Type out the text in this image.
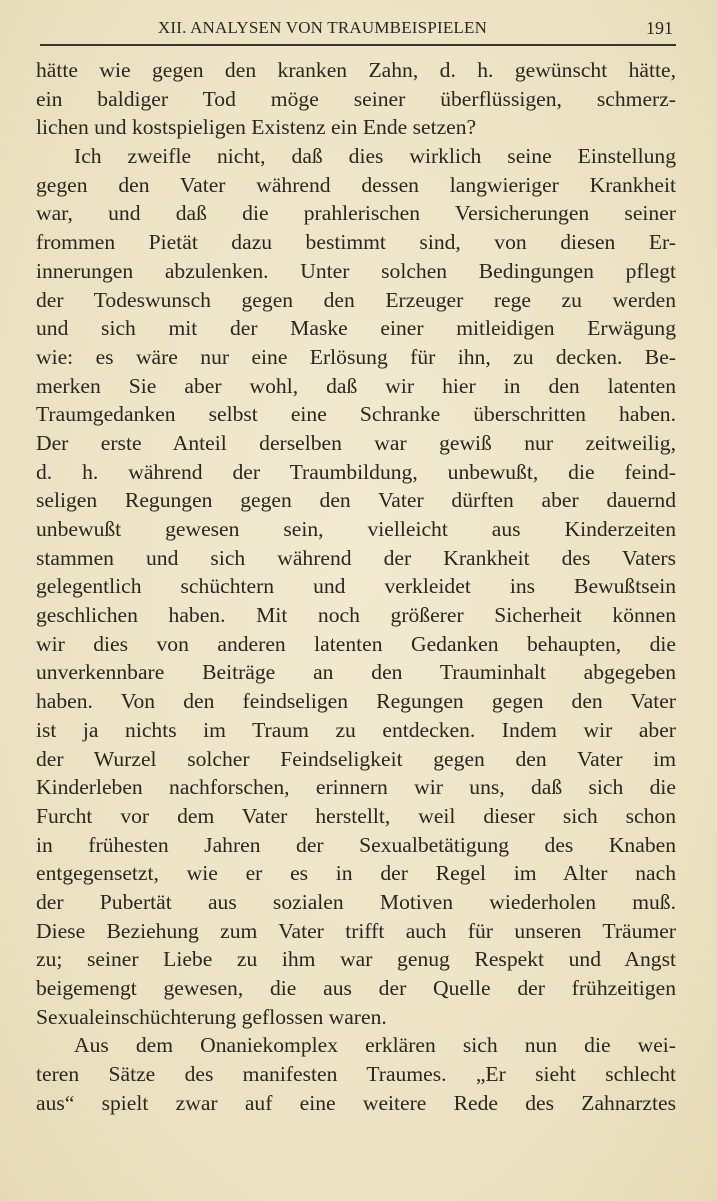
XII. ANALYSEN VON TRAUMBEISPIELEN	191
hätte wie gegen den kranken Zahn, d. h. gewünscht hätte,
ein baldiger Tod möge seiner überflüssigen, schmerz-
lichen und kostspieligen Existenz ein Ende setzen?
Ich zweifle nicht, daß dies wirklich seine Einstellung
gegen den Vater während dessen langwieriger Krankheit
war, und daß die prahlerischen Versicherungen seiner
frommen Pietät dazu bestimmt sind, von diesen Er-
innerungen abzulenken. Unter solchen Bedingungen pflegt
der Todeswunsch gegen den Erzeuger rege zu werden
und sich mit der Maske einer mitleidigen Erwägung
wie: es wäre nur eine Erlösung für ihn, zu decken. Be-
merken Sie aber wohl, daß wir hier in den latenten
Traumgedanken selbst eine Schranke überschritten haben.
Der erste Anteil derselben war gewiß nur zeitweilig,
d. h. während der Traumbildung, unbewußt, die feind-
seligen Regungen gegen den Vater dürften aber dauernd
unbewußt gewesen sein, vielleicht aus Kinderzeiten
stammen und sich während der Krankheit des Vaters
gelegentlich schüchtern und verkleidet ins Bewußtsein
geschlichen haben. Mit noch größerer Sicherheit können
wir dies von anderen latenten Gedanken behaupten, die
unverkennbare Beiträge an den Trauminhalt abgegeben
haben. Von den feindseligen Regungen gegen den Vater
ist ja nichts im Traum zu entdecken. Indem wir aber
der Wurzel solcher Feindseligkeit gegen den Vater im
Kinderleben nachforschen, erinnern wir uns, daß sich die
Furcht vor dem Vater herstellt, weil dieser sich schon
in frühesten Jahren der Sexualbetätigung des Knaben
entgegensetzt, wie er es in der Regel im Alter nach
der Pubertät aus sozialen Motiven wiederholen muß.
Diese Beziehung zum Vater trifft auch für unseren Träumer
zu; seiner Liebe zu ihm war genug Respekt und Angst
beigemengt gewesen, die aus der Quelle der frühzeitigen
Sexualeinschüchterung geflossen waren.
Aus dem Onaniekomplex erklären sich nun die wei-
teren Sätze des manifesten Traumes. „Er sieht schlecht
aus“ spielt zwar auf eine weitere Rede des Zahnarztes
